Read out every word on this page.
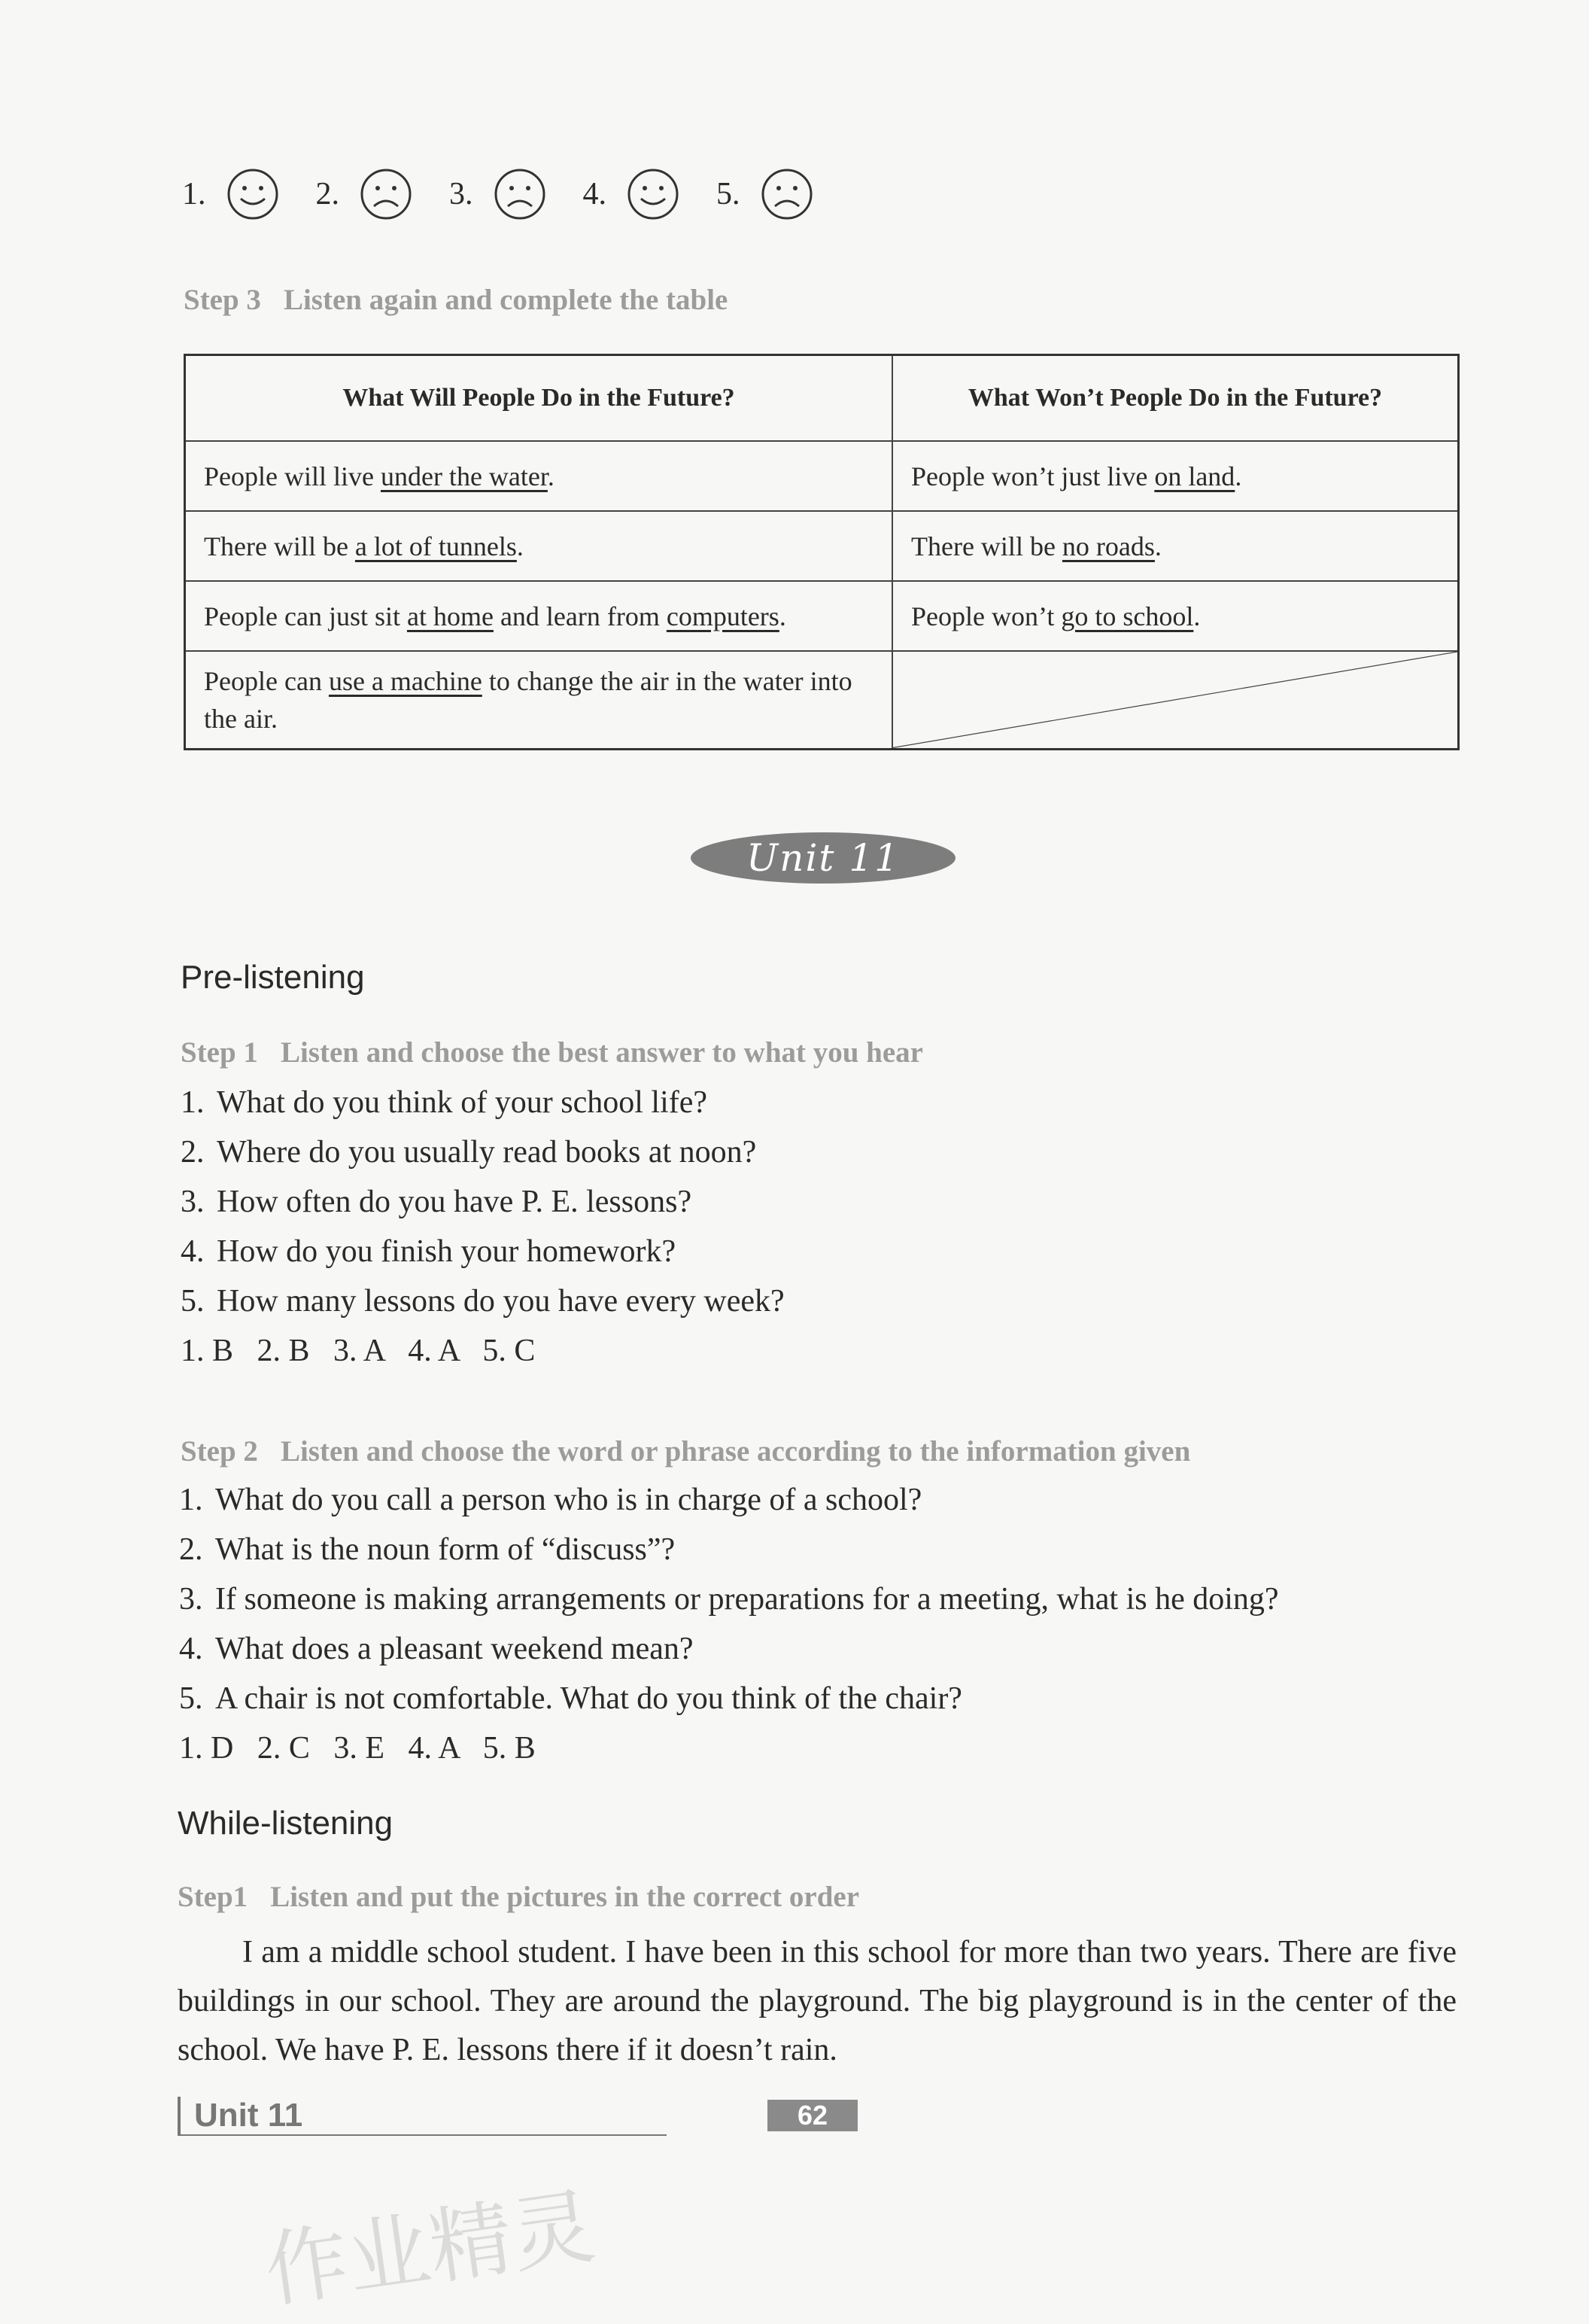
1.	2.	3.	4.	5.
Step 3 Listen again and complete the table
What Will People Do in the Future?	What Won’t People Do in the Future?
People will live under the water.	People won’t just live on land.
There will be a lot of tunnels.	There will be no roads.
People can just sit at home and learn from computers.	People won’t go to school.
People can use a machine to change the air in the water into the air.	
Unit 11
Pre-listening
Step 1 Listen and choose the best answer to what you hear
1. What do you think of your school life?
2. Where do you usually read books at noon?
3. How often do you have P. E. lessons?
4. How do you finish your homework?
5. How many lessons do you have every week?
1. B   2. B   3. A   4. A   5. C
Step 2 Listen and choose the word or phrase according to the information given
1. What do you call a person who is in charge of a school?
2. What is the noun form of “discuss”?
3. If someone is making arrangements or preparations for a meeting, what is he doing?
4. What does a pleasant weekend mean?
5. A chair is not comfortable. What do you think of the chair?
1. D   2. C   3. E   4. A   5. B
While-listening
Step1 Listen and put the pictures in the correct order

I am a middle school student. I have been in this school for more than two years. There are five buildings in our school. They are around the playground. The big playground is in the center of the school. We have P. E. lessons there if it doesn’t rain.

Unit 11	62
作业精灵
